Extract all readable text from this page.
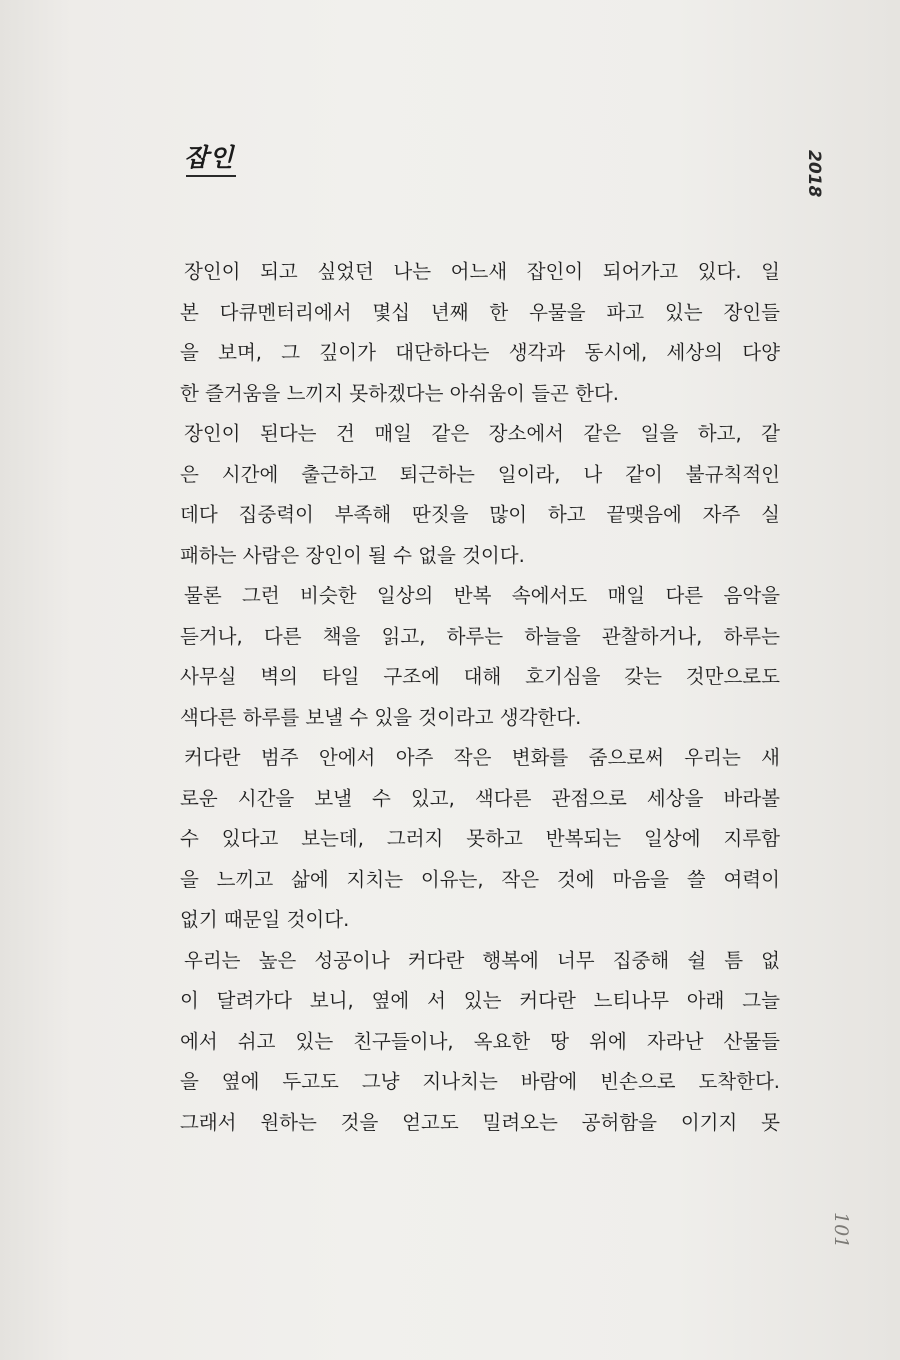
잡인	2018
장인이 되고 싶었던 나는 어느새 잡인이 되어가고 있다. 일
본 다큐멘터리에서 몇십 년째 한 우물을 파고 있는 장인들
을 보며, 그 깊이가 대단하다는 생각과 동시에, 세상의 다양
한 즐거움을 느끼지 못하겠다는 아쉬움이 들곤 한다.
장인이 된다는 건 매일 같은 장소에서 같은 일을 하고, 같
은 시간에 출근하고 퇴근하는 일이라, 나 같이 불규칙적인
데다 집중력이 부족해 딴짓을 많이 하고 끝맺음에 자주 실
패하는 사람은 장인이 될 수 없을 것이다.
물론 그런 비슷한 일상의 반복 속에서도 매일 다른 음악을
듣거나, 다른 책을 읽고, 하루는 하늘을 관찰하거나, 하루는
사무실 벽의 타일 구조에 대해 호기심을 갖는 것만으로도
색다른 하루를 보낼 수 있을 것이라고 생각한다.
커다란 범주 안에서 아주 작은 변화를 줌으로써 우리는 새
로운 시간을 보낼 수 있고, 색다른 관점으로 세상을 바라볼
수 있다고 보는데, 그러지 못하고 반복되는 일상에 지루함
을 느끼고 삶에 지치는 이유는, 작은 것에 마음을 쓸 여력이
없기 때문일 것이다.
우리는 높은 성공이나 커다란 행복에 너무 집중해 쉴 틈 없
이 달려가다 보니, 옆에 서 있는 커다란 느티나무 아래 그늘
에서 쉬고 있는 친구들이나, 옥요한 땅 위에 자라난 산물들
을 옆에 두고도 그냥 지나치는 바람에 빈손으로 도착한다.
그래서 원하는 것을 얻고도 밀려오는 공허함을 이기지 못
101
